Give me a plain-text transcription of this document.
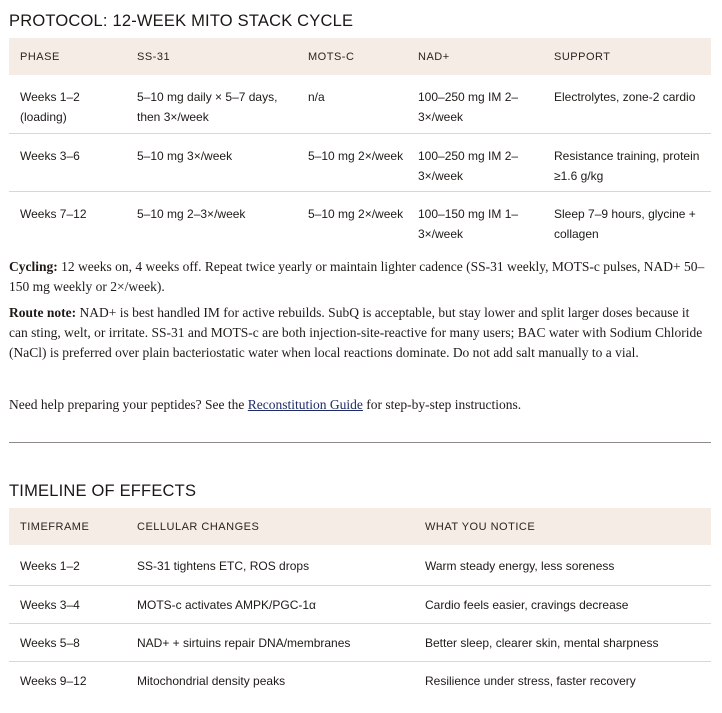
PROTOCOL: 12-WEEK MITO STACK CYCLE
PHASE	SS-31	MOTS-C	NAD+	SUPPORT
Weeks 1–2 (loading)	5–10 mg daily × 5–7 days, then 3×/week	n/a	100–250 mg IM 2–3×/week	Electrolytes, zone-2 cardio
Weeks 3–6	5–10 mg 3×/week	5–10 mg 2×/week	100–250 mg IM 2–3×/week	Resistance training, protein ≥1.6 g/kg
Weeks 7–12	5–10 mg 2–3×/week	5–10 mg 2×/week	100–150 mg IM 1–3×/week	Sleep 7–9 hours, glycine + collagen

Cycling: 12 weeks on, 4 weeks off. Repeat twice yearly or maintain lighter cadence (SS-31 weekly, MOTS-c pulses, NAD+ 50–150 mg weekly or 2×/week).

Route note: NAD+ is best handled IM for active rebuilds. SubQ is acceptable, but stay lower and split larger doses because it can sting, welt, or irritate. SS-31 and MOTS-c are both injection-site-reactive for many users; BAC water with Sodium Chloride (NaCl) is preferred over plain bacteriostatic water when local reactions dominate. Do not add salt manually to a vial.

Need help preparing your peptides? See the Reconstitution Guide for step-by-step instructions.

TIMELINE OF EFFECTS
TIMEFRAME	CELLULAR CHANGES	WHAT YOU NOTICE
Weeks 1–2	SS-31 tightens ETC, ROS drops	Warm steady energy, less soreness
Weeks 3–4	MOTS-c activates AMPK/PGC-1α	Cardio feels easier, cravings decrease
Weeks 5–8	NAD+ + sirtuins repair DNA/membranes	Better sleep, clearer skin, mental sharpness
Weeks 9–12	Mitochondrial density peaks	Resilience under stress, faster recovery
